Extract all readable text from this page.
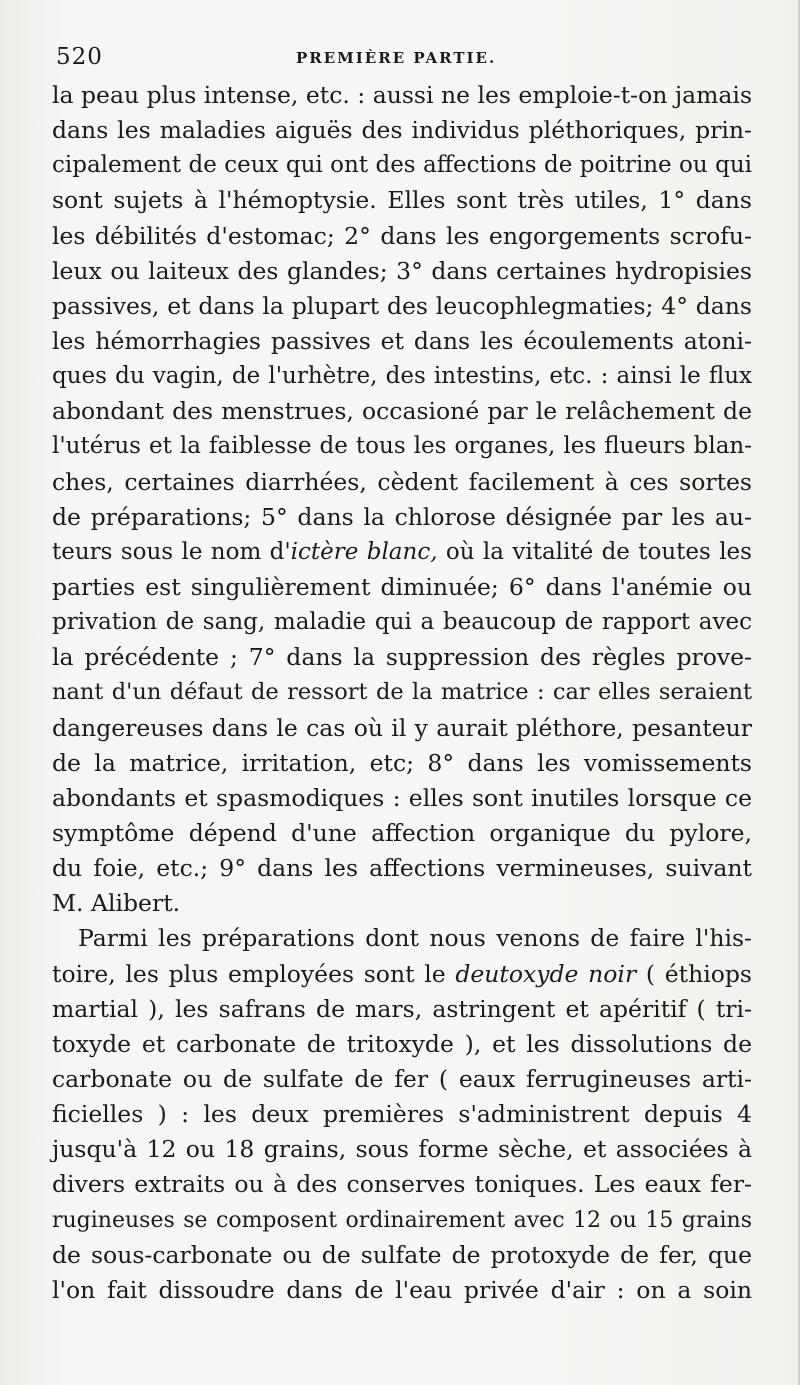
520	PREMIÈRE PARTIE.
la peau plus intense, etc. : aussi ne les emploie-t-on jamais
dans les maladies aiguës des individus pléthoriques, prin-
cipalement de ceux qui ont des affections de poitrine ou qui
sont sujets à l'hémoptysie. Elles sont très utiles, 1° dans
les débilités d'estomac; 2° dans les engorgements scrofu-
leux ou laiteux des glandes; 3° dans certaines hydropisies
passives, et dans la plupart des leucophlegmaties; 4° dans
les hémorrhagies passives et dans les écoulements atoni-
ques du vagin, de l'urhètre, des intestins, etc. : ainsi le flux
abondant des menstrues, occasioné par le relâchement de
l'utérus et la faiblesse de tous les organes, les flueurs blan-
ches, certaines diarrhées, cèdent facilement à ces sortes
de préparations; 5° dans la chlorose désignée par les au-
teurs sous le nom d'ictère blanc, où la vitalité de toutes les
parties est singulièrement diminuée; 6° dans l'anémie ou
privation de sang, maladie qui a beaucoup de rapport avec
la précédente ; 7° dans la suppression des règles prove-
nant d'un défaut de ressort de la matrice : car elles seraient
dangereuses dans le cas où il y aurait pléthore, pesanteur
de la matrice, irritation, etc; 8° dans les vomissements
abondants et spasmodiques : elles sont inutiles lorsque ce
symptôme dépend d'une affection organique du pylore,
du foie, etc.; 9° dans les affections vermineuses, suivant
M. Alibert.
Parmi les préparations dont nous venons de faire l'his-
toire, les plus employées sont le deutoxyde noir ( éthiops
martial ), les safrans de mars, astringent et apéritif ( tri-
toxyde et carbonate de tritoxyde ), et les dissolutions de
carbonate ou de sulfate de fer ( eaux ferrugineuses arti-
ficielles ) : les deux premières s'administrent depuis 4
jusqu'à 12 ou 18 grains, sous forme sèche, et associées à
divers extraits ou à des conserves toniques. Les eaux fer-
rugineuses se composent ordinairement avec 12 ou 15 grains
de sous-carbonate ou de sulfate de protoxyde de fer, que
l'on fait dissoudre dans de l'eau privée d'air : on a soin
